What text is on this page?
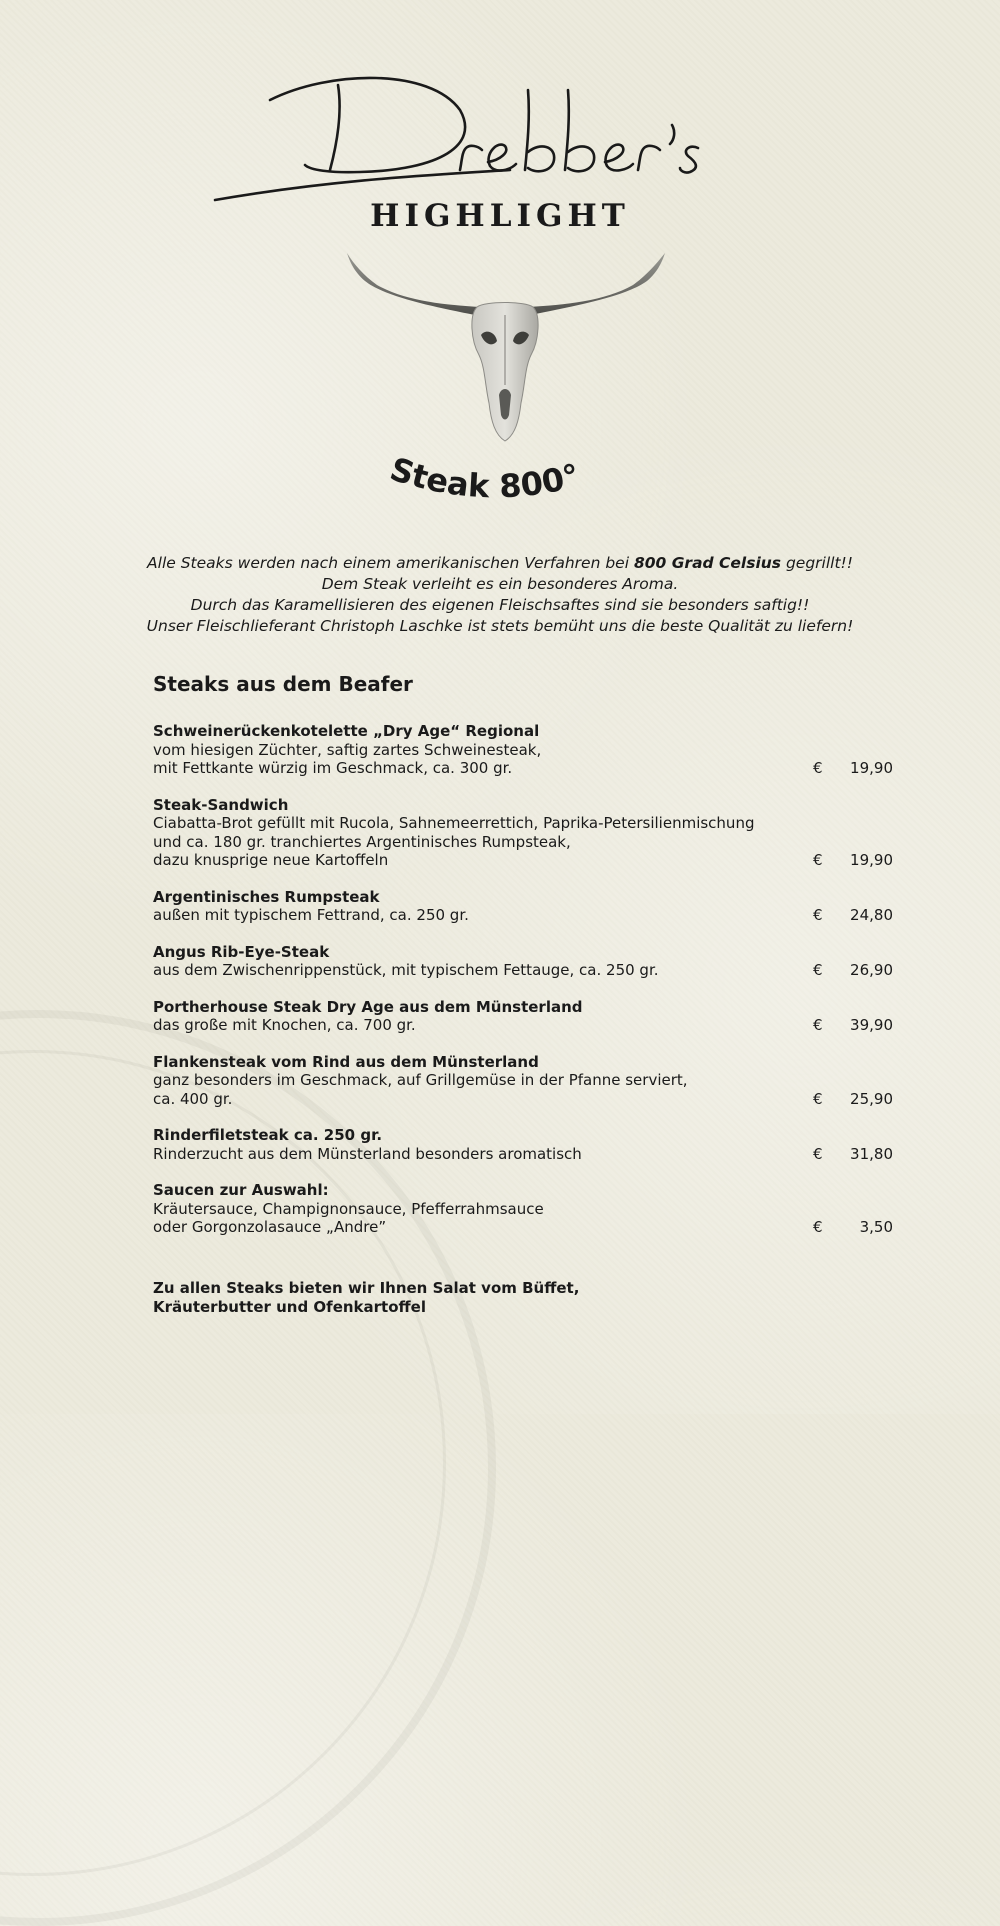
HIGHLIGHT
Steak 800°
Alle Steaks werden nach einem amerikanischen Verfahren bei 800 Grad Celsius gegrillt!!
Dem Steak verleiht es ein besonderes Aroma.
Durch das Karamellisieren des eigenen Fleischsaftes sind sie besonders saftig!!
Unser Fleischlieferant Christoph Laschke ist stets bemüht uns die beste Qualität zu liefern!
Steaks aus dem Beafer
Schweinerückenkotelette „Dry Age“ Regional
vom hiesigen Züchter, saftig zartes Schweinesteak,
mit Fettkante würzig im Geschmack, ca. 300 gr.	€ 19,90
Steak-Sandwich
Ciabatta-Brot gefüllt mit Rucola, Sahnemeerrettich, Paprika-Petersilienmischung
und ca. 180 gr. tranchiertes Argentinisches Rumpsteak,
dazu knusprige neue Kartoffeln	€ 19,90
Argentinisches Rumpsteak
außen mit typischem Fettrand, ca. 250 gr.	€ 24,80
Angus Rib-Eye-Steak
aus dem Zwischenrippenstück, mit typischem Fettauge, ca. 250 gr.	€ 26,90
Portherhouse Steak Dry Age aus dem Münsterland
das große mit Knochen, ca. 700 gr.	€ 39,90
Flankensteak vom Rind aus dem Münsterland
ganz besonders im Geschmack, auf Grillgemüse in der Pfanne serviert,
ca. 400 gr.	€ 25,90
Rinderfiletsteak ca. 250 gr.
Rinderzucht aus dem Münsterland besonders aromatisch	€ 31,80
Saucen zur Auswahl:
Kräutersauce, Champignonsauce, Pfefferrahmsauce
oder Gorgonzolasauce „Andre”	€ 3,50
Zu allen Steaks bieten wir Ihnen Salat vom Büffet,
Kräuterbutter und Ofenkartoffel
